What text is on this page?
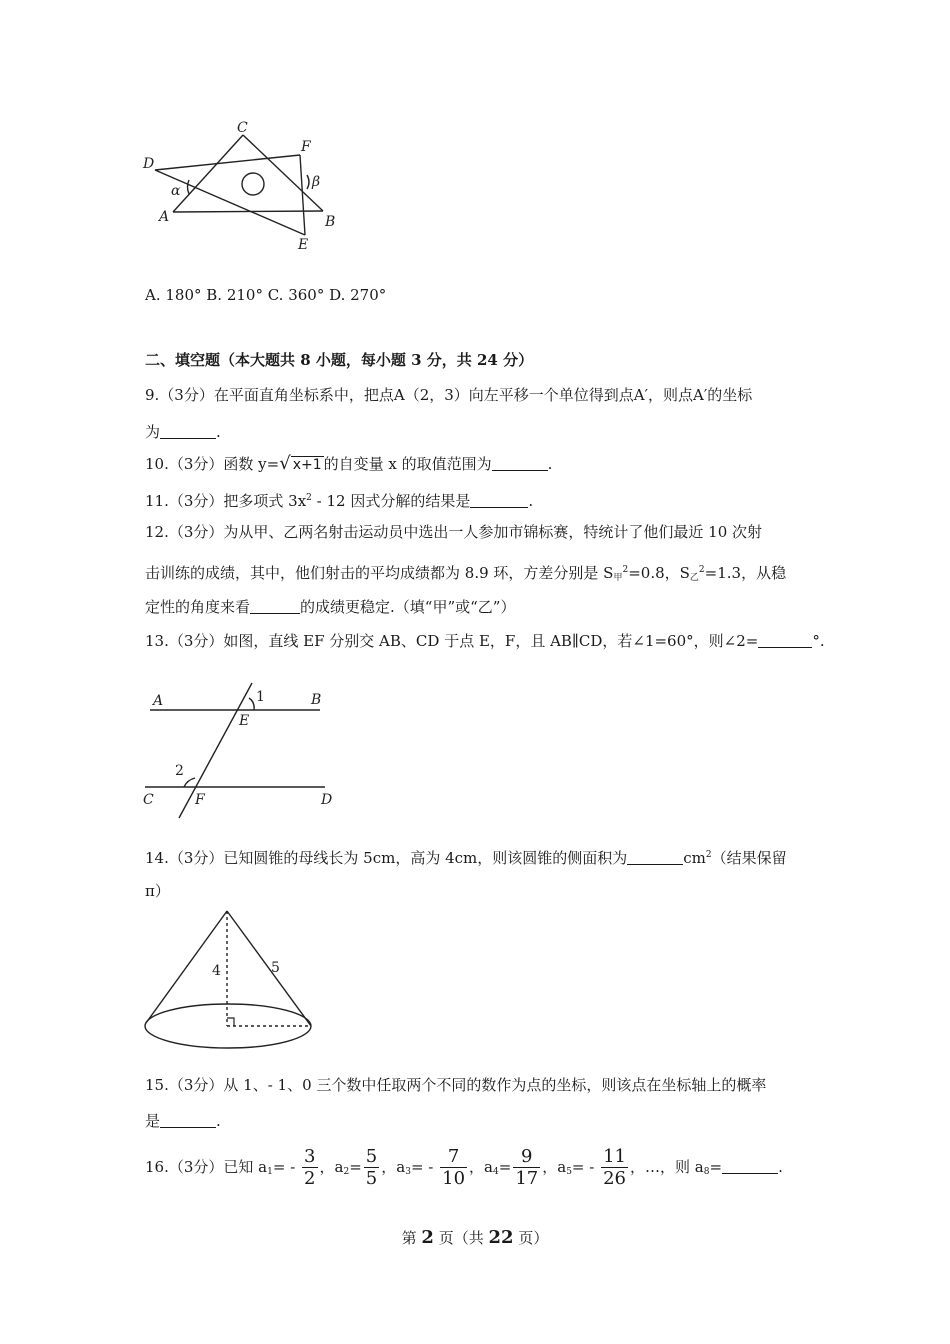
C
F
D
α
β
A	B
E
A. 180° B. 210° C. 360° D. 270°
二、填空题（本大题共 8 小题，每小题 3 分，共 24 分）
9.（3分）在平面直角坐标系中，把点A（2，3）向左平移一个单位得到点A′，则点A′的坐标
为	.
10.（3分）函数 y=√ x+1 的自变量 x 的取值范围为	.
11.（3分）把多项式 $3x^2 - 12$ 因式分解的结果是	.
12.（3分）为从甲、乙两名射击运动员中选出一人参加市锦标赛，特统计了他们最近 10 次射
击训练的成绩，其中，他们射击的平均成绩都为 8.9 环，方差分别是 $S_甲^2=0.8$，$S_乙^2=1.3$，从稳
定性的角度来看	的成绩更稳定.（填“甲”或“乙”）
13.（3分）如图，直线 EF 分别交 AB、CD 于点 E，F，且 AB∥CD，若∠1=60°，则∠2=	°.
A	B
1
E
2
C	F	D
14.（3分）已知圆锥的母线长为 5cm，高为 4cm，则该圆锥的侧面积为	$cm^2$（结果保留
π）
4	5
15.（3分）从 1、- 1、0 三个数中任取两个不同的数作为点的坐标，则该点在坐标轴上的概率
是	.
16.（3分）已知 $a_1= - \frac{3}{2}$ ，$a_2= \frac{5}{5}$ ，$a_3= - \frac{7}{10}$ ，$a_4= \frac{9}{17}$ ，$a_5= - \frac{11}{26}$ ，…，则 $a_8=$	.
第 2 页（共 22 页）
